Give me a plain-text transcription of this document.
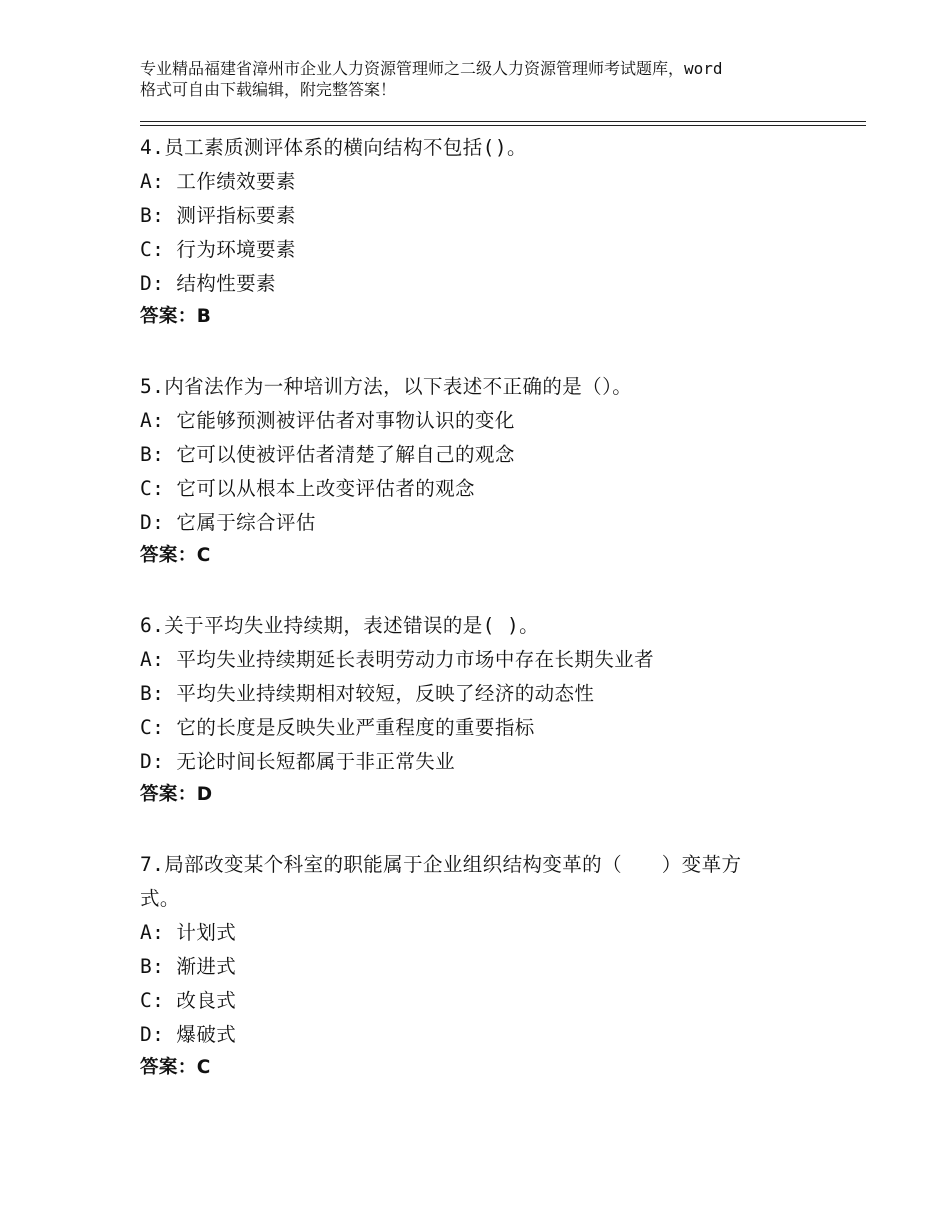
专业精品福建省漳州市企业人力资源管理师之二级人力资源管理师考试题库，word
格式可自由下载编辑，附完整答案！
4.员工素质测评体系的横向结构不包括()。
A: 工作绩效要素
B: 测评指标要素
C: 行为环境要素
D: 结构性要素
答案：B
5.内省法作为一种培训方法，以下表述不正确的是（）。
A: 它能够预测被评估者对事物认识的变化
B: 它可以使被评估者清楚了解自己的观念
C: 它可以从根本上改变评估者的观念
D: 它属于综合评估
答案：C
6.关于平均失业持续期，表述错误的是( )。
A: 平均失业持续期延长表明劳动力市场中存在长期失业者
B: 平均失业持续期相对较短，反映了经济的动态性
C: 它的长度是反映失业严重程度的重要指标
D: 无论时间长短都属于非正常失业
答案：D
7.局部改变某个科室的职能属于企业组织结构变革的（　　）变革方
式。
A: 计划式
B: 渐进式
C: 改良式
D: 爆破式
答案：C
